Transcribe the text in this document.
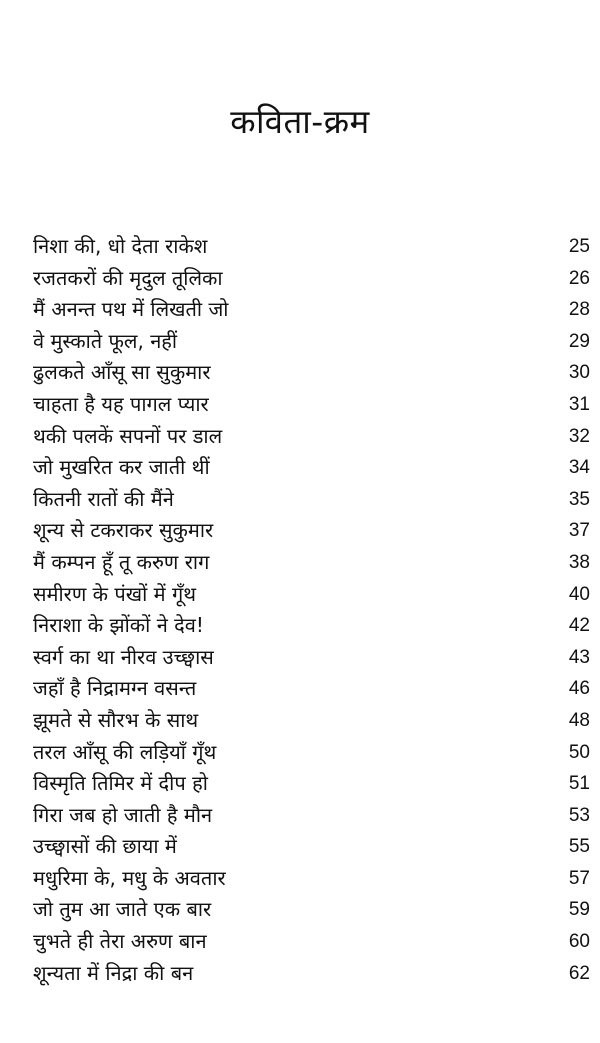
कविता-क्रम
निशा की, धो देता राकेश	25
रजतकरों की मृदुल तूलिका	26
मैं अनन्त पथ में लिखती जो	28
वे मुस्काते फूल, नहीं	29
ढुलकते आँसू सा सुकुमार	30
चाहता है यह पागल प्यार	31
थकी पलकें सपनों पर डाल	32
जो मुखरित कर जाती थीं	34
कितनी रातों की मैंने	35
शून्य से टकराकर सुकुमार	37
मैं कम्पन हूँ तू करुण राग	38
समीरण के पंखों में गूँथ	40
निराशा के झोंकों ने देव!	42
स्वर्ग का था नीरव उच्छ्वास	43
जहाँ है निद्रामग्न वसन्त	46
झूमते से सौरभ के साथ	48
तरल आँसू की लड़ियाँ गूँथ	50
विस्मृति तिमिर में दीप हो	51
गिरा जब हो जाती है मौन	53
उच्छ्वासों की छाया में	55
मधुरिमा के, मधु के अवतार	57
जो तुम आ जाते एक बार	59
चुभते ही तेरा अरुण बान	60
शून्यता में निद्रा की बन	62
